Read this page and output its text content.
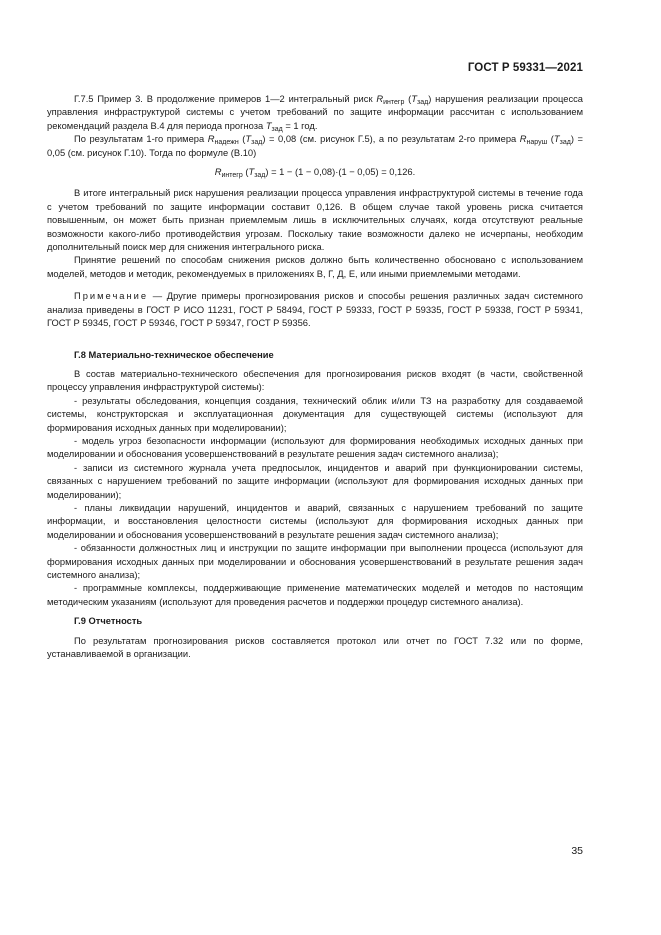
ГОСТ Р 59331—2021

Г.7.5 Пример 3. В продолжение примеров 1—2 интегральный риск $R_{интегр}$ $(T_{зад})$ нарушения реализации процесса управления инфраструктурой системы с учетом требований по защите информации рассчитан с использованием рекомендаций раздела В.4 для периода прогноза $T_{зад} = 1$ год.

По результатам 1-го примера $R_{надежн}$ $(T_{зад}) = 0,08$ (см. рисунок Г.5), а по результатам 2-го примера $R_{наруш}$ $(T_{зад}) = 0,05$ (см. рисунок Г.10). Тогда по формуле (В.10)

$R_{интегр}$ $(T_{зад}) = 1 - (1 - 0,08)\cdot(1 - 0,05) = 0,126$.

В итоге интегральный риск нарушения реализации процесса управления инфраструктурой системы в течение года с учетом требований по защите информации составит 0,126. В общем случае такой уровень риска считается повышенным, он может быть признан приемлемым лишь в исключительных случаях, когда отсутствуют реальные возможности какого-либо противодействия угрозам. Поскольку такие возможности далеко не исчерпаны, необходим дополнительный поиск мер для снижения интегрального риска.

Принятие решений по способам снижения рисков должно быть количественно обосновано с использованием моделей, методов и методик, рекомендуемых в приложениях В, Г, Д, Е, или иными приемлемыми методами.

Примечание — Другие примеры прогнозирования рисков и способы решения различных задач системного анализа приведены в ГОСТ Р ИСО 11231, ГОСТ Р 58494, ГОСТ Р 59333, ГОСТ Р 59335, ГОСТ Р 59338, ГОСТ Р 59341, ГОСТ Р 59345, ГОСТ Р 59346, ГОСТ Р 59347, ГОСТ Р 59356.

Г.8 Материально-техническое обеспечение

В состав материально-технического обеспечения для прогнозирования рисков входят (в части, свойственной процессу управления инфраструктурой системы):

- результаты обследования, концепция создания, технический облик и/или ТЗ на разработку для создаваемой системы, конструкторская и эксплуатационная документация для существующей системы (используют для формирования исходных данных при моделировании);

- модель угроз безопасности информации (используют для формирования необходимых исходных данных при моделировании и обоснования усовершенствований в результате решения задач системного анализа);

- записи из системного журнала учета предпосылок, инцидентов и аварий при функционировании системы, связанных с нарушением требований по защите информации (используют для формирования исходных данных при моделировании);

- планы ликвидации нарушений, инцидентов и аварий, связанных с нарушением требований по защите информации, и восстановления целостности системы (используют для формирования исходных данных при моделировании и обоснования усовершенствований в результате решения задач системного анализа);

- обязанности должностных лиц и инструкции по защите информации при выполнении процесса (используют для формирования исходных данных при моделировании и обоснования усовершенствований в результате решения задач системного анализа);

- программные комплексы, поддерживающие применение математических моделей и методов по настоящим методическим указаниям (используют для проведения расчетов и поддержки процедур системного анализа).

Г.9 Отчетность

По результатам прогнозирования рисков составляется протокол или отчет по ГОСТ 7.32 или по форме, устанавливаемой в организации.

35
